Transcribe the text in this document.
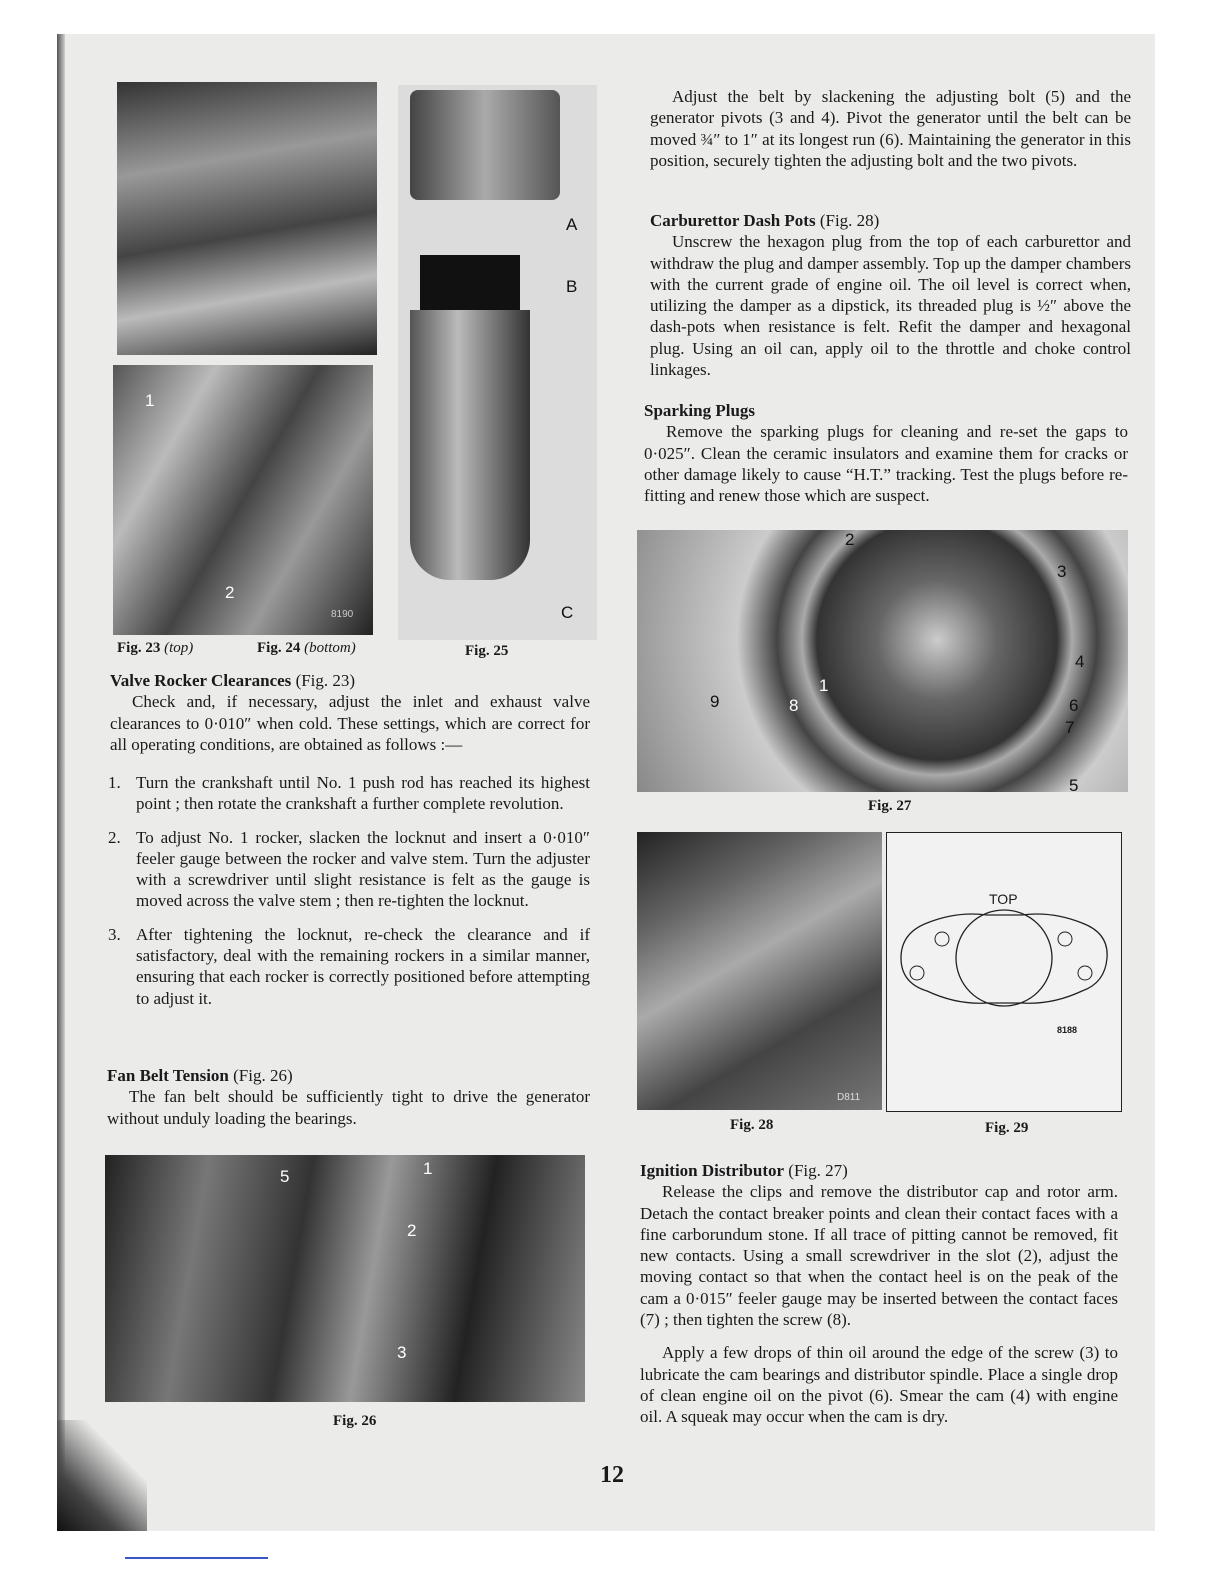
1
2
8190
A
B
C
Fig. 23 (top)	Fig. 24 (bottom)	Fig. 25
Valve Rocker Clearances (Fig. 23)

Check and, if necessary, adjust the inlet and exhaust valve clearances to 0·010″ when cold. These settings, which are correct for all operating conditions, are obtained as follows :—

1. Turn the crankshaft until No. 1 push rod has reached its highest point ; then rotate the crankshaft a further complete revolution.
2. To adjust No. 1 rocker, slacken the locknut and insert a 0·010″ feeler gauge between the rocker and valve stem. Turn the adjuster with a screwdriver until slight resistance is felt as the gauge is moved across the valve stem ; then re-tighten the locknut.
3. After tightening the locknut, re-check the clearance and if satisfactory, deal with the remaining rockers in a similar manner, ensuring that each rocker is correctly positioned before attempting to adjust it.
Fan Belt Tension (Fig. 26)

The fan belt should be sufficiently tight to drive the generator without unduly loading the bearings.

5	1
2
3
Fig. 26

Adjust the belt by slackening the adjusting bolt (5) and the generator pivots (3 and 4). Pivot the generator until the belt can be moved ¾″ to 1″ at its longest run (6). Maintaining the generator in this position, securely tighten the adjusting bolt and the two pivots.

Carburettor Dash Pots (Fig. 28)

Unscrew the hexagon plug from the top of each carburettor and withdraw the plug and damper assembly. Top up the damper chambers with the current grade of engine oil. The oil level is correct when, utilizing the damper as a dipstick, its threaded plug is ½″ above the dash-pots when resistance is felt. Refit the damper and hexagonal plug. Using an oil can, apply oil to the throttle and choke control linkages.

Sparking Plugs

Remove the sparking plugs for cleaning and re-set the gaps to 0·025″. Clean the ceramic insulators and examine them for cracks or other damage likely to cause “H.T.” tracking. Test the plugs before re-fitting and renew those which are suspect.

2
3
4
1
8
9	6
7
5
Fig. 27
D811
TOP
8188
Fig. 28	Fig. 29
Ignition Distributor (Fig. 27)

Release the clips and remove the distributor cap and rotor arm. Detach the contact breaker points and clean their contact faces with a fine carborundum stone. If all trace of pitting cannot be removed, fit new contacts. Using a small screwdriver in the slot (2), adjust the moving contact so that when the contact heel is on the peak of the cam a 0·015″ feeler gauge may be inserted between the contact faces (7) ; then tighten the screw (8).

Apply a few drops of thin oil around the edge of the screw (3) to lubricate the cam bearings and distributor spindle. Place a single drop of clean engine oil on the pivot (6). Smear the cam (4) with engine oil. A squeak may occur when the cam is dry.

12
